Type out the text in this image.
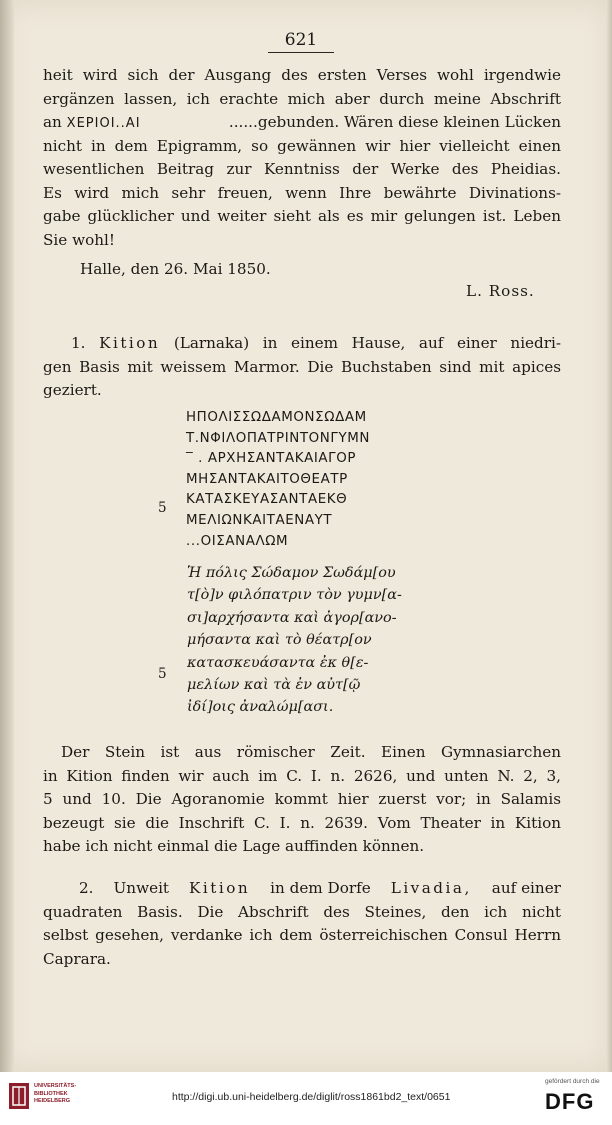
621
heit wird sich der Ausgang des ersten Verses wohl irgendwie
ergänzen lassen, ich erachte mich aber durch meine Abschrift
an XEPIOI..AI	......gebunden. Wären diese kleinen Lücken
nicht in dem Epigramm, so gewännen wir hier vielleicht einen
wesentlichen Beitrag zur Kenntniss der Werke des Pheidias.
Es wird mich sehr freuen, wenn Ihre bewährte Divinations-
gabe glücklicher und weiter sieht als es mir gelungen ist. Leben
Sie wohl!
Halle, den 26. Mai 1850.
L. Ross.
1. Kition (Larnaka) in einem Hause, auf einer niedri-
gen Basis mit weissem Marmor. Die Buchstaben sind mit apices
geziert.
ΗΠΟΛΙΣΣΩΔΑΜΟΝΣΩΔΑΜ
Τ.ΝΦΙΛΟΠΑΤΡΙΝΤΟΝΓΥΜΝ
‾ . ΑΡΧΗΣΑΝΤΑΚΑΙΑΓΟΡ
ΜΗΣΑΝΤΑΚΑΙΤΟΘΕΑΤΡ
ΚΑΤΑΣΚΕΥΑΣΑΝΤΑΕΚΘ
ΜΕΛΙΩΝΚΑΙΤΑΕΝΑΥΤ
...ΟΙΣΑΝΑΛΩΜ
5
Ἡ πόλις Σώδαμον Σωδάμ[ου
τ[ὸ]ν φιλόπατριν τὸν γυμν[α-
σι]αρχήσαντα καὶ ἀγορ[ανο-
μήσαντα καὶ τὸ θέατρ[ον
κατασκευάσαντα ἐκ θ[ε-
μελίων καὶ τὰ ἐν αὐτ[ῷ
ἰδί]οις ἀναλώμ[ασι.
5
Der Stein ist aus römischer Zeit. Einen Gymnasiarchen
in Kition finden wir auch im C. I. n. 2626, und unten N. 2, 3,
5 und 10. Die Agoranomie kommt hier zuerst vor; in Salamis
bezeugt sie die Inschrift C. I. n. 2639. Vom Theater in Kition
habe ich nicht einmal die Lage auffinden können.
2. Unweit Kition in dem Dorfe Livadia, auf einer
quadraten Basis. Die Abschrift des Steines, den ich nicht
selbst gesehen, verdanke ich dem österreichischen Consul Herrn
Caprara.
UNIVERSITÄTS-
BIBLIOTHEK
HEIDELBERG	http://digi.ub.uni-heidelberg.de/diglit/ross1861bd2_text/0651
gefördert durch die
DFG
